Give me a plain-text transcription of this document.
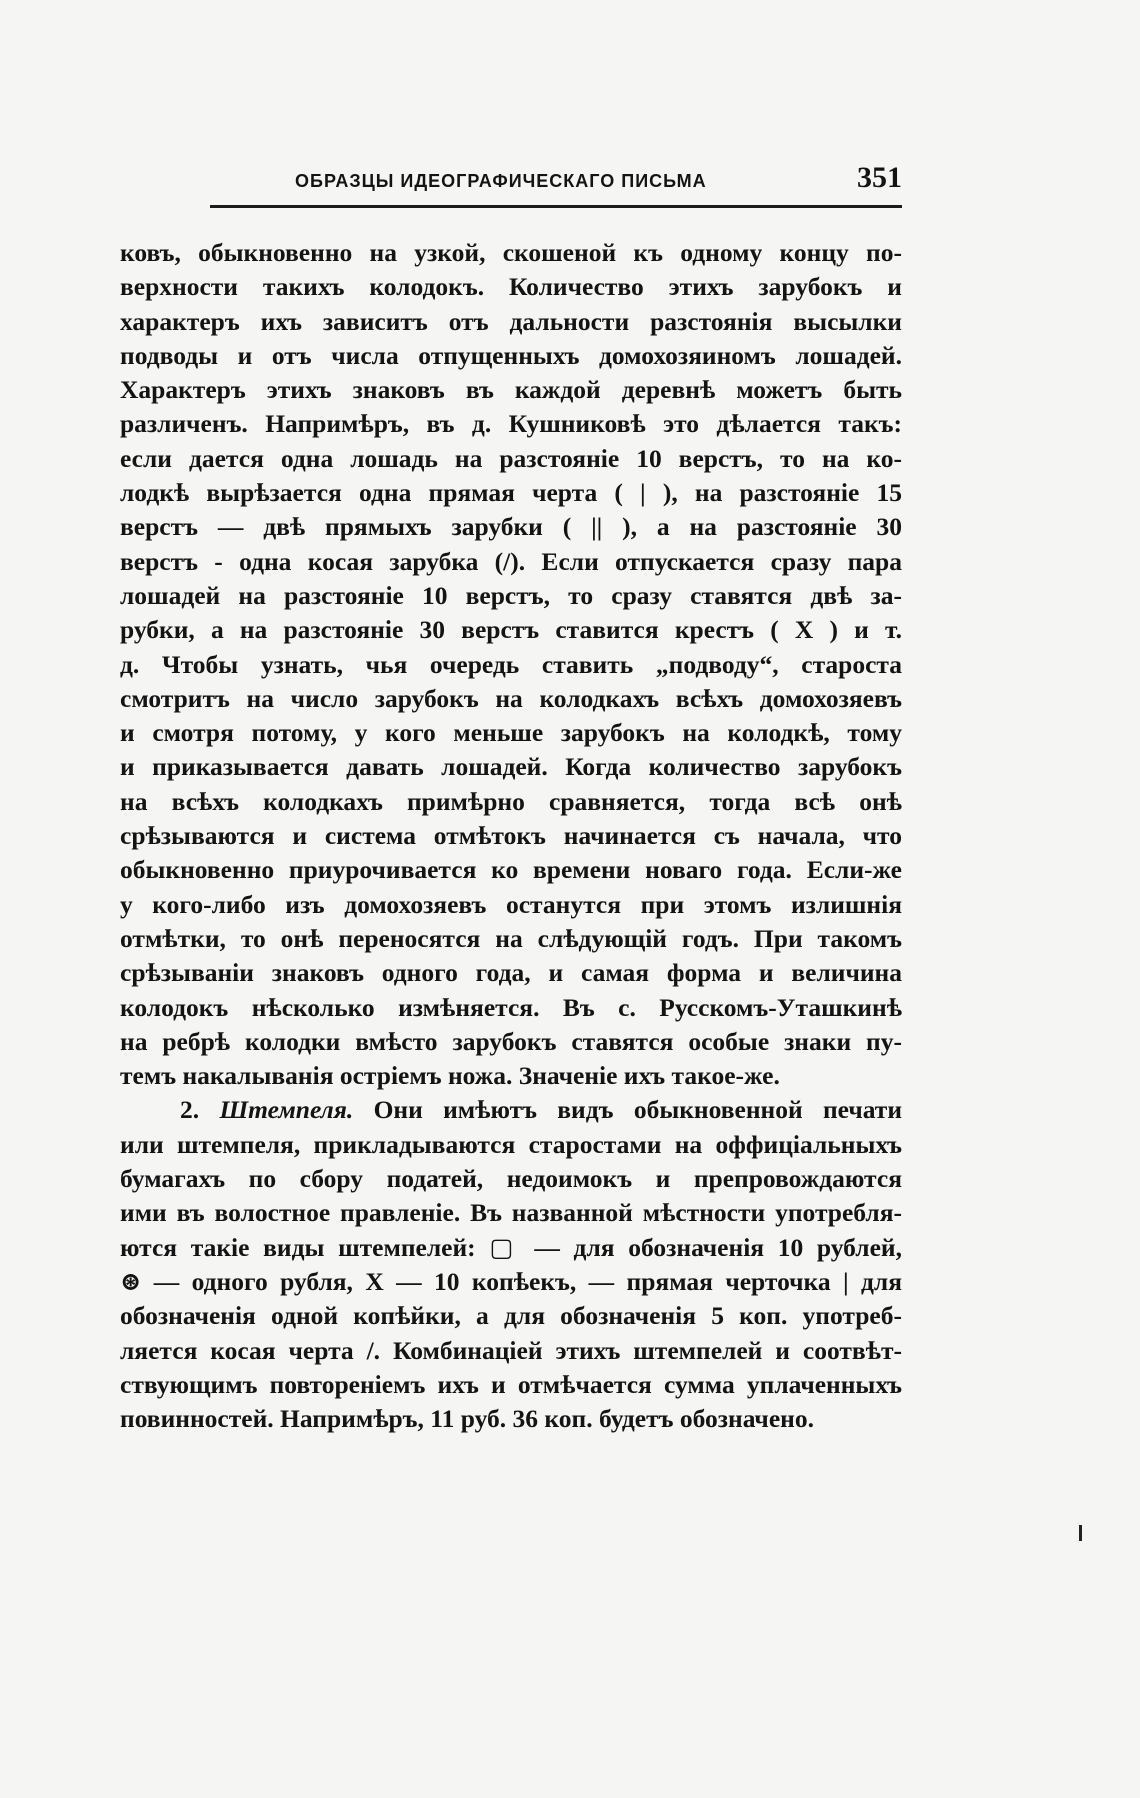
ОБРАЗЦЫ ИДЕОГРАФИЧЕСКАГО ПИСЬМА	351
ковъ, обыкновенно на узкой, скошеной къ одному концу по-
верхности такихъ колодокъ. Количество этихъ зарубокъ и
характеръ ихъ зависитъ отъ дальности разстоянія высылки
подводы и отъ числа отпущенныхъ домохозяиномъ лошадей.
Характеръ этихъ знаковъ въ каждой деревнѣ можетъ быть
различенъ. Напримѣръ, въ д. Кушниковѣ это дѣлается такъ:
если дается одна лошадь на разстояніе 10 верстъ, то на ко-
лодкѣ вырѣзается одна прямая черта ( | ), на разстояніе 15
верстъ — двѣ прямыхъ зарубки ( || ), а на разстояніе 30
верстъ - одна косая зарубка (/). Если отпускается сразу пара
лошадей на разстояніе 10 верстъ, то сразу ставятся двѣ за-
рубки, а на разстояніе 30 верстъ ставится крестъ ( X ) и т.
д. Чтобы узнать, чья очередь ставить „подводу“, староста
смотритъ на число зарубокъ на колодкахъ всѣхъ домохозяевъ
и смотря потому, у кого меньше зарубокъ на колодкѣ, тому
и приказывается давать лошадей. Когда количество зарубокъ
на всѣхъ колодкахъ примѣрно сравняется, тогда всѣ онѣ
срѣзываются и система отмѣтокъ начинается съ начала, что
обыкновенно приурочивается ко времени новаго года. Если-же
у кого-либо изъ домохозяевъ останутся при этомъ излишнія
отмѣтки, то онѣ переносятся на слѣдующій годъ. При такомъ
срѣзываніи знаковъ одного года, и самая форма и величина
колодокъ нѣсколько измѣняется. Въ с. Русскомъ-Уташкинѣ
на ребрѣ колодки вмѣсто зарубокъ ставятся особые знаки пу-
темъ накалыванія остріемъ ножа. Значеніе ихъ такое-же.
2. Штемпеля. Они имѣютъ видъ обыкновенной печати
или штемпеля, прикладываются старостами на оффиціальныхъ
бумагахъ по сбору податей, недоимокъ и препровождаются
ими въ волостное правленіе. Въ названной мѣстности употребля-
ются такіе виды штемпелей: ▢ — для обозначенія 10 рублей,
⊛ — одного рубля, X — 10 копѣекъ, — прямая черточка | для
обозначенія одной копѣйки, а для обозначенія 5 коп. употреб-
ляется косая черта /. Комбинаціей этихъ штемпелей и соотвѣт-
ствующимъ повтореніемъ ихъ и отмѣчается сумма уплаченныхъ
повинностей. Напримѣръ, 11 руб. 36 коп. будетъ обозначено.
